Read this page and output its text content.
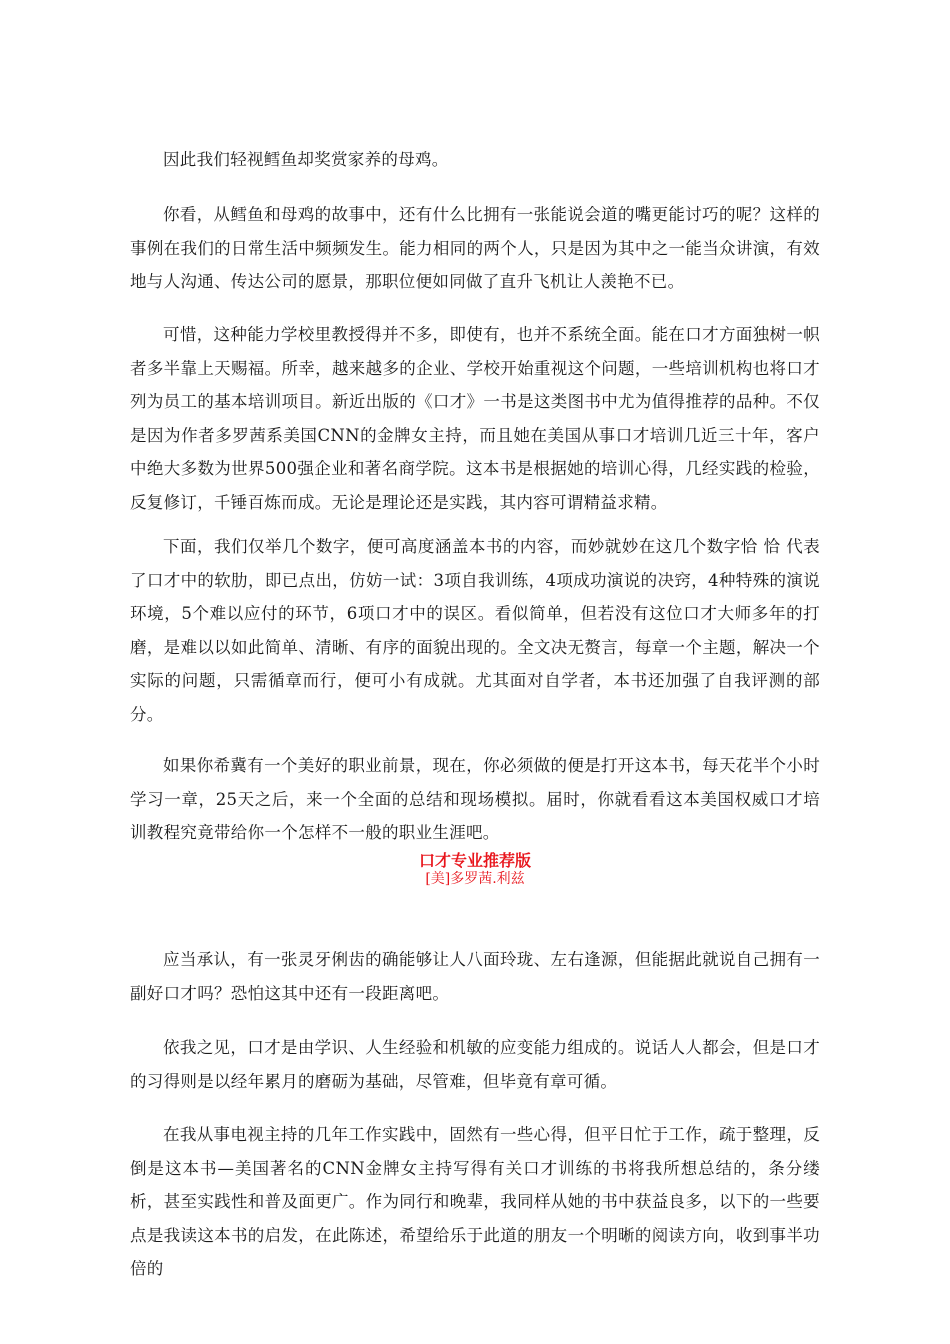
因此我们轻视鳕鱼却奖赏家养的母鸡。

你看，从鳕鱼和母鸡的故事中，还有什么比拥有一张能说会道的嘴更能讨巧的呢？这样的事例在我们的日常生活中频频发生。能力相同的两个人，只是因为其中之一能当众讲演，有效地与人沟通、传达公司的愿景，那职位便如同做了直升飞机让人羡艳不已。

可惜，这种能力学校里教授得并不多，即使有，也并不系统全面。能在口才方面独树一帜者多半靠上天赐福。所幸，越来越多的企业、学校开始重视这个问题，一些培训机构也将口才列为员工的基本培训项目。新近出版的《口才》一书是这类图书中尤为值得推荐的品种。不仅是因为作者多罗茜系美国CNN的金牌女主持，而且她在美国从事口才培训几近三十年，客户中绝大多数为世界500强企业和著名商学院。这本书是根据她的培训心得，几经实践的检验，反复修订，千锤百炼而成。无论是理论还是实践，其内容可谓精益求精。

下面，我们仅举几个数字，便可高度涵盖本书的内容，而妙就妙在这几个数字恰 恰 代表了口才中的软肋，即已点出，仿妨一试：3项自我训练，4项成功演说的决窍，4种特殊的演说环境，5个难以应付的环节，6项口才中的误区。看似简单，但若没有这位口才大师多年的打磨，是难以以如此简单、清晰、有序的面貌出现的。全文决无赘言，每章一个主题，解决一个实际的问题，只需循章而行，便可小有成就。尤其面对自学者，本书还加强了自我评测的部分。

如果你希冀有一个美好的职业前景，现在，你必须做的便是打开这本书，每天花半个小时学习一章，25天之后，来一个全面的总结和现场模拟。届时，你就看看这本美国权威口才培训教程究竟带给你一个怎样不一般的职业生涯吧。

口才专业推荐版
[美]多罗茜.利兹

应当承认，有一张灵牙俐齿的确能够让人八面玲珑、左右逢源，但能据此就说自己拥有一副好口才吗？恐怕这其中还有一段距离吧。

依我之见，口才是由学识、人生经验和机敏的应变能力组成的。说话人人都会，但是口才的习得则是以经年累月的磨砺为基础，尽管难，但毕竟有章可循。

在我从事电视主持的几年工作实践中，固然有一些心得，但平日忙于工作，疏于整理，反倒是这本书—美国著名的CNN金牌女主持写得有关口才训练的书将我所想总结的，条分缕析，甚至实践性和普及面更广。作为同行和晚辈，我同样从她的书中获益良多，以下的一些要点是我读这本书的启发，在此陈述，希望给乐于此道的朋友一个明晰的阅读方向，收到事半功倍的
